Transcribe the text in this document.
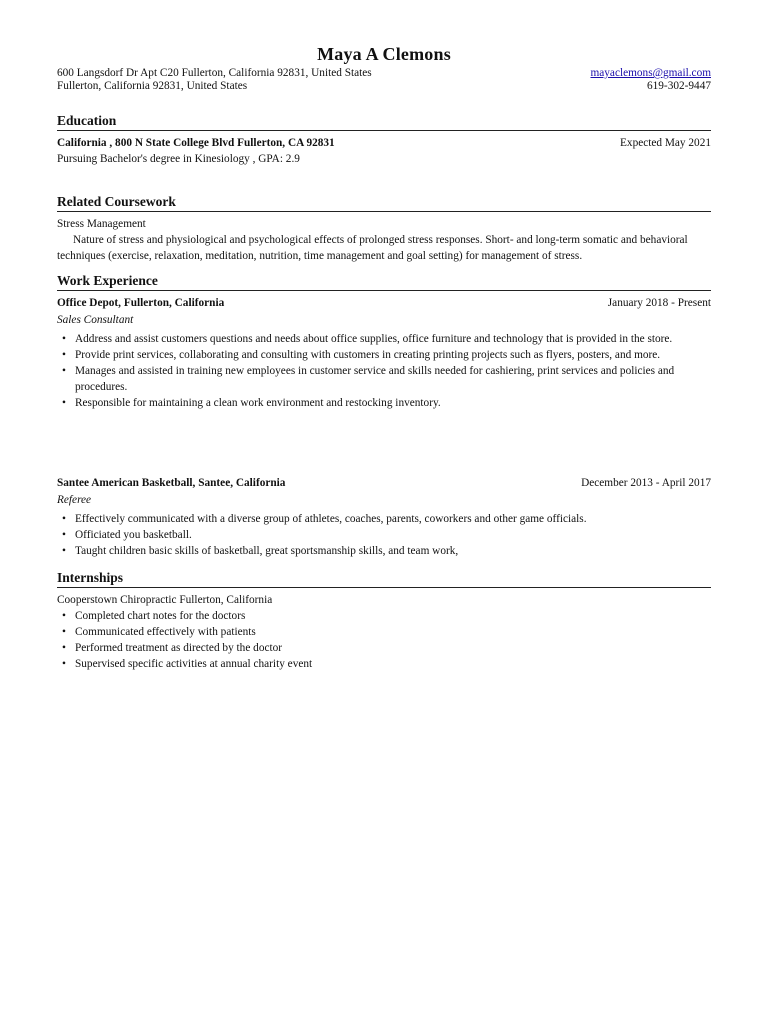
Maya A Clemons
600 Langsdorf Dr Apt C20 Fullerton, California 92831, United States	mayaclemons@gmail.com
Fullerton, California 92831, United States	619-302-9447
Education
California , 800 N State College Blvd Fullerton, CA 92831	Expected May 2021
Pursuing Bachelor's degree in Kinesiology , GPA: 2.9
Related Coursework
Stress Management
Nature of stress and physiological and psychological effects of prolonged stress responses. Short- and long-term somatic and behavioral techniques (exercise, relaxation, meditation, nutrition, time management and goal setting) for management of stress.
Work Experience
Office Depot, Fullerton, California	January 2018 - Present
Sales Consultant
• Address and assist customers questions and needs about office supplies, office furniture and technology that is provided in the store.
• Provide print services, collaborating and consulting with customers in creating printing projects such as flyers, posters, and more.
• Manages and assisted in training new employees in customer service and skills needed for cashiering, print services and policies and procedures.
• Responsible for maintaining a clean work environment and restocking inventory.
Santee American Basketball, Santee, California	December 2013 - April 2017
Referee
• Effectively communicated with a diverse group of athletes, coaches, parents, coworkers and other game officials.
• Officiated you basketball.
• Taught children basic skills of basketball, great sportsmanship skills, and team work,
Internships
Cooperstown Chiropractic Fullerton, California
• Completed chart notes for the doctors
• Communicated effectively with patients
• Performed treatment as directed by the doctor
• Supervised specific activities at annual charity event
